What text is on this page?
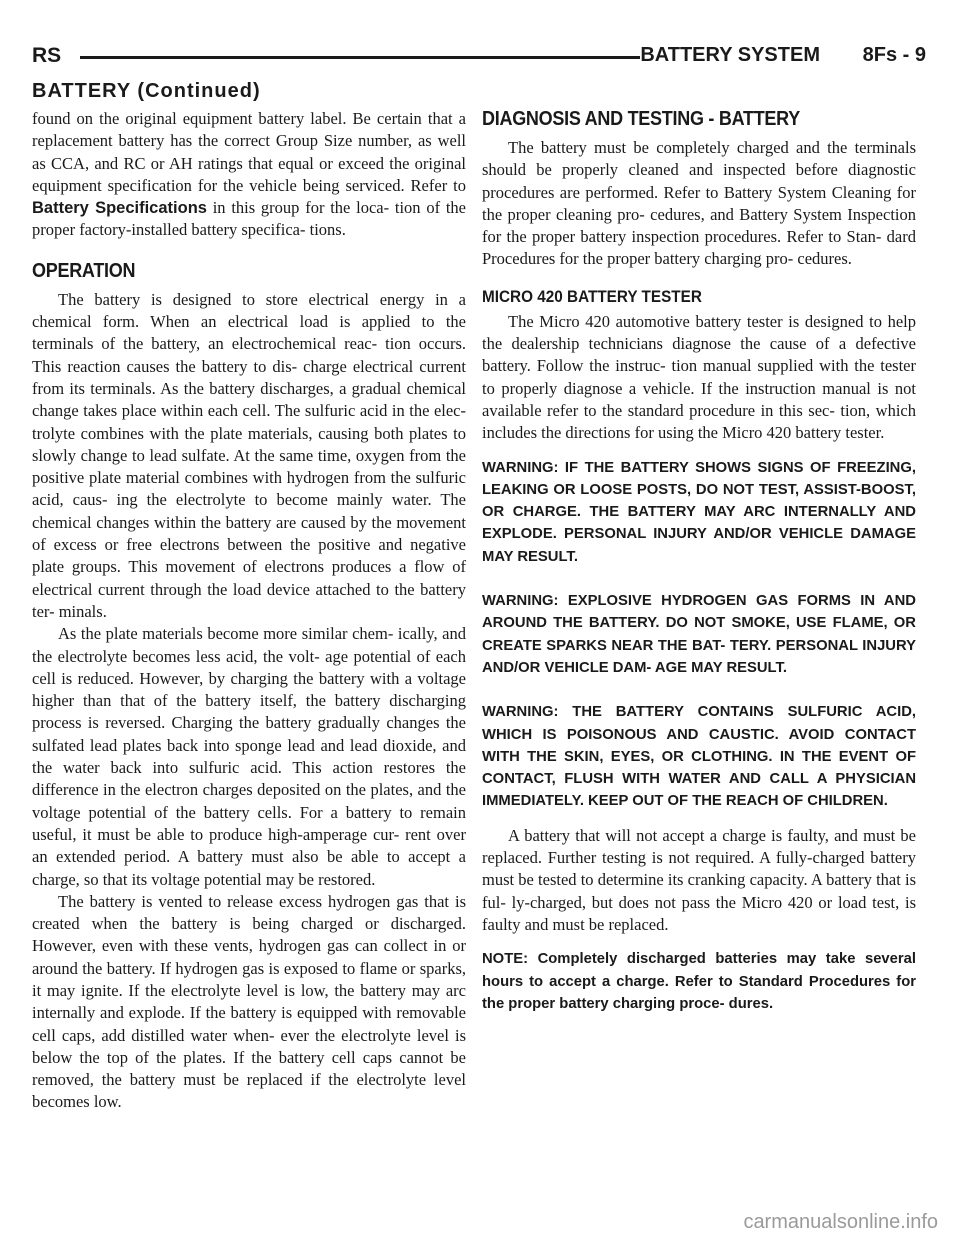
RS	BATTERY SYSTEM 8Fs - 9
BATTERY (Continued)

found on the original equipment battery label. Be certain that a replacement battery has the correct Group Size number, as well as CCA, and RC or AH ratings that equal or exceed the original equipment specification for the vehicle being serviced. Refer to Battery Specifications in this group for the loca- tion of the proper factory-installed battery specifica- tions.

OPERATION

The battery is designed to store electrical energy in a chemical form. When an electrical load is applied to the terminals of the battery, an electrochemical reac- tion occurs. This reaction causes the battery to dis- charge electrical current from its terminals. As the battery discharges, a gradual chemical change takes place within each cell. The sulfuric acid in the elec- trolyte combines with the plate materials, causing both plates to slowly change to lead sulfate. At the same time, oxygen from the positive plate material combines with hydrogen from the sulfuric acid, caus- ing the electrolyte to become mainly water. The chemical changes within the battery are caused by the movement of excess or free electrons between the positive and negative plate groups. This movement of electrons produces a flow of electrical current through the load device attached to the battery ter- minals.

As the plate materials become more similar chem- ically, and the electrolyte becomes less acid, the volt- age potential of each cell is reduced. However, by charging the battery with a voltage higher than that of the battery itself, the battery discharging process is reversed. Charging the battery gradually changes the sulfated lead plates back into sponge lead and lead dioxide, and the water back into sulfuric acid. This action restores the difference in the electron charges deposited on the plates, and the voltage potential of the battery cells. For a battery to remain useful, it must be able to produce high-amperage cur- rent over an extended period. A battery must also be able to accept a charge, so that its voltage potential may be restored.

The battery is vented to release excess hydrogen gas that is created when the battery is being charged or discharged. However, even with these vents, hydrogen gas can collect in or around the battery. If hydrogen gas is exposed to flame or sparks, it may ignite. If the electrolyte level is low, the battery may arc internally and explode. If the battery is equipped with removable cell caps, add distilled water when- ever the electrolyte level is below the top of the plates. If the battery cell caps cannot be removed, the battery must be replaced if the electrolyte level becomes low.

DIAGNOSIS AND TESTING - BATTERY

The battery must be completely charged and the terminals should be properly cleaned and inspected before diagnostic procedures are performed. Refer to Battery System Cleaning for the proper cleaning pro- cedures, and Battery System Inspection for the proper battery inspection procedures. Refer to Stan- dard Procedures for the proper battery charging pro- cedures.

MICRO 420 BATTERY TESTER

The Micro 420 automotive battery tester is designed to help the dealership technicians diagnose the cause of a defective battery. Follow the instruc- tion manual supplied with the tester to properly diagnose a vehicle. If the instruction manual is not available refer to the standard procedure in this sec- tion, which includes the directions for using the Micro 420 battery tester.

WARNING: IF THE BATTERY SHOWS SIGNS OF FREEZING, LEAKING OR LOOSE POSTS, DO NOT TEST, ASSIST-BOOST, OR CHARGE. THE BATTERY MAY ARC INTERNALLY AND EXPLODE. PERSONAL INJURY AND/OR VEHICLE DAMAGE MAY RESULT.

WARNING: EXPLOSIVE HYDROGEN GAS FORMS IN AND AROUND THE BATTERY. DO NOT SMOKE, USE FLAME, OR CREATE SPARKS NEAR THE BAT- TERY. PERSONAL INJURY AND/OR VEHICLE DAM- AGE MAY RESULT.

WARNING: THE BATTERY CONTAINS SULFURIC ACID, WHICH IS POISONOUS AND CAUSTIC. AVOID CONTACT WITH THE SKIN, EYES, OR CLOTHING. IN THE EVENT OF CONTACT, FLUSH WITH WATER AND CALL A PHYSICIAN IMMEDIATELY. KEEP OUT OF THE REACH OF CHILDREN.

A battery that will not accept a charge is faulty, and must be replaced. Further testing is not required. A fully-charged battery must be tested to determine its cranking capacity. A battery that is ful- ly-charged, but does not pass the Micro 420 or load test, is faulty and must be replaced.

NOTE: Completely discharged batteries may take several hours to accept a charge. Refer to Standard Procedures for the proper battery charging proce- dures.

carmanualsonline.info
